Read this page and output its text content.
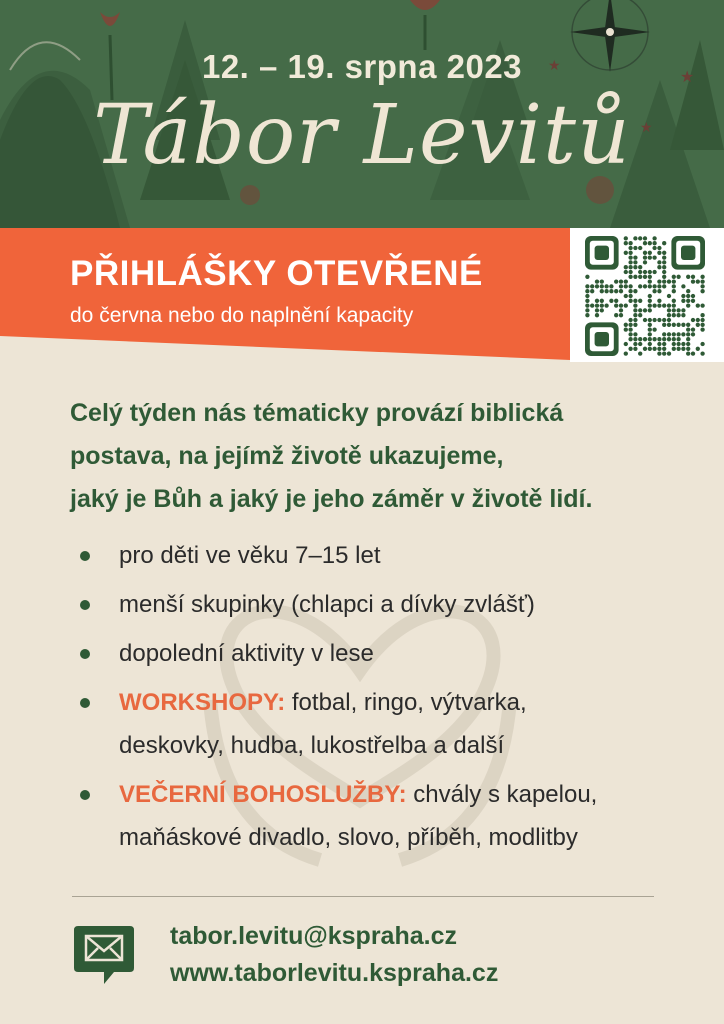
★
★
★
12. – 19. srpna 2023
Tábor Levitů
PŘIHLÁŠKY OTEVŘENÉ
do června nebo do naplnění kapacity
Celý týden nás tématicky provází biblická
postava, na jejímž životě ukazujeme,
jaký je Bůh a jaký je jeho záměr v životě lidí.
pro děti ve věku 7–15 let
menší skupinky (chlapci a dívky zvlášť)
dopolední aktivity v lese
WORKSHOPY: fotbal, ringo, výtvarka,
deskovky, hudba, lukostřelba a další
VEČERNÍ BOHOSLUŽBY: chvály s kapelou,
maňáskové divadlo, slovo, příběh, modlitby
tabor.levitu@kspraha.cz
www.taborlevitu.kspraha.cz
